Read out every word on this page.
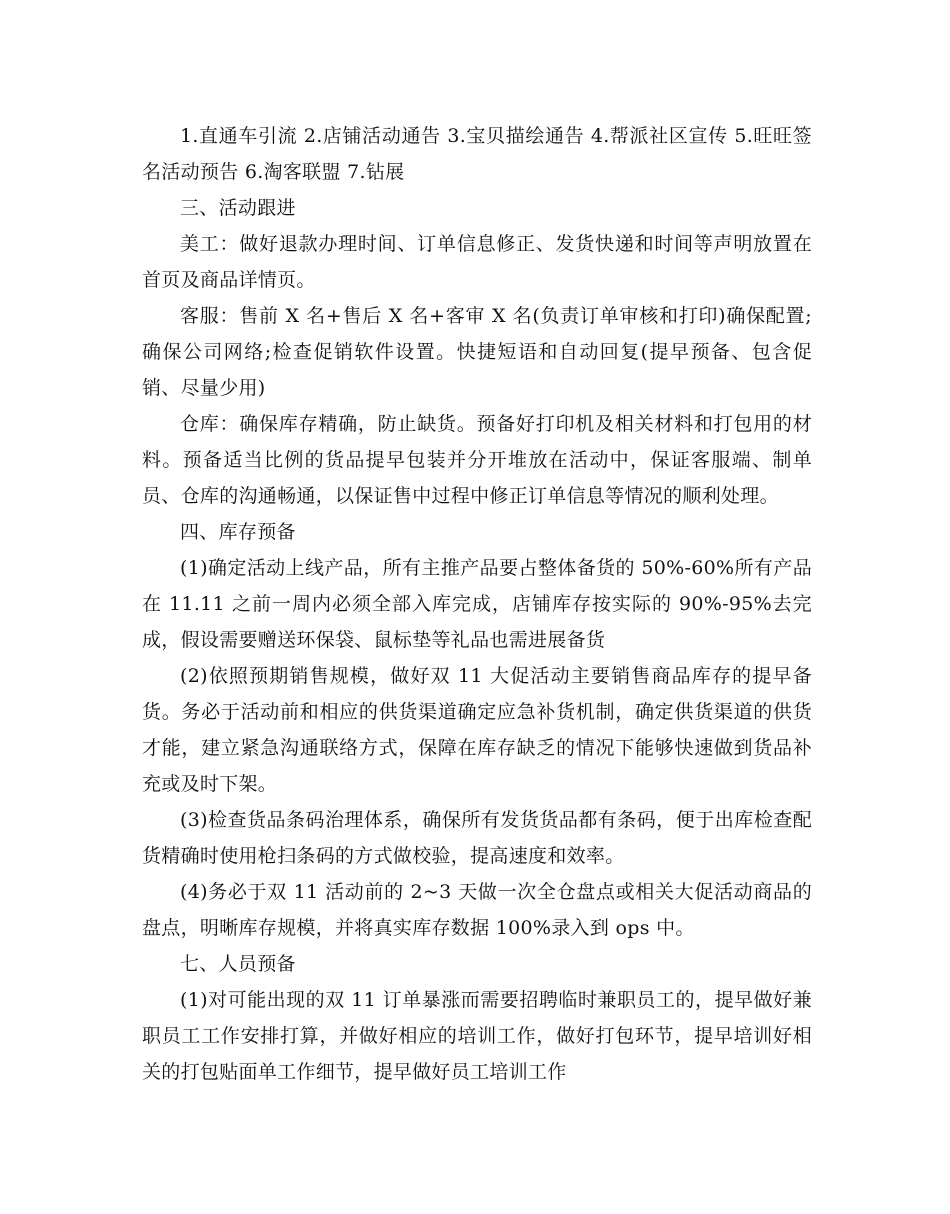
1.直通车引流 2.店铺活动通告 3.宝贝描绘通告 4.帮派社区宣传 5.旺旺签名活动预告 6.淘客联盟 7.钻展

三、活动跟进

美工：做好退款办理时间、订单信息修正、发货快递和时间等声明放置在首页及商品详情页。

客服：售前 X 名+售后 X 名+客审 X 名(负责订单审核和打印)确保配置;确保公司网络;检查促销软件设置。快捷短语和自动回复(提早预备、包含促销、尽量少用)

仓库：确保库存精确，防止缺货。预备好打印机及相关材料和打包用的材料。预备适当比例的货品提早包装并分开堆放在活动中，保证客服端、制单员、仓库的沟通畅通，以保证售中过程中修正订单信息等情况的顺利处理。

四、库存预备

(1)确定活动上线产品，所有主推产品要占整体备货的 50%-60%所有产品在 11.11 之前一周内必须全部入库完成，店铺库存按实际的 90%-95%去完成，假设需要赠送环保袋、鼠标垫等礼品也需进展备货

(2)依照预期销售规模，做好双 11 大促活动主要销售商品库存的提早备货。务必于活动前和相应的供货渠道确定应急补货机制，确定供货渠道的供货才能，建立紧急沟通联络方式，保障在库存缺乏的情况下能够快速做到货品补充或及时下架。

(3)检查货品条码治理体系，确保所有发货货品都有条码，便于出库检查配货精确时使用枪扫条码的方式做校验，提高速度和效率。

(4)务必于双 11 活动前的 2~3 天做一次全仓盘点或相关大促活动商品的盘点，明晰库存规模，并将真实库存数据 100%录入到 ops 中。

七、人员预备

(1)对可能出现的双 11 订单暴涨而需要招聘临时兼职员工的，提早做好兼职员工工作安排打算，并做好相应的培训工作，做好打包环节，提早培训好相关的打包贴面单工作细节，提早做好员工培训工作
